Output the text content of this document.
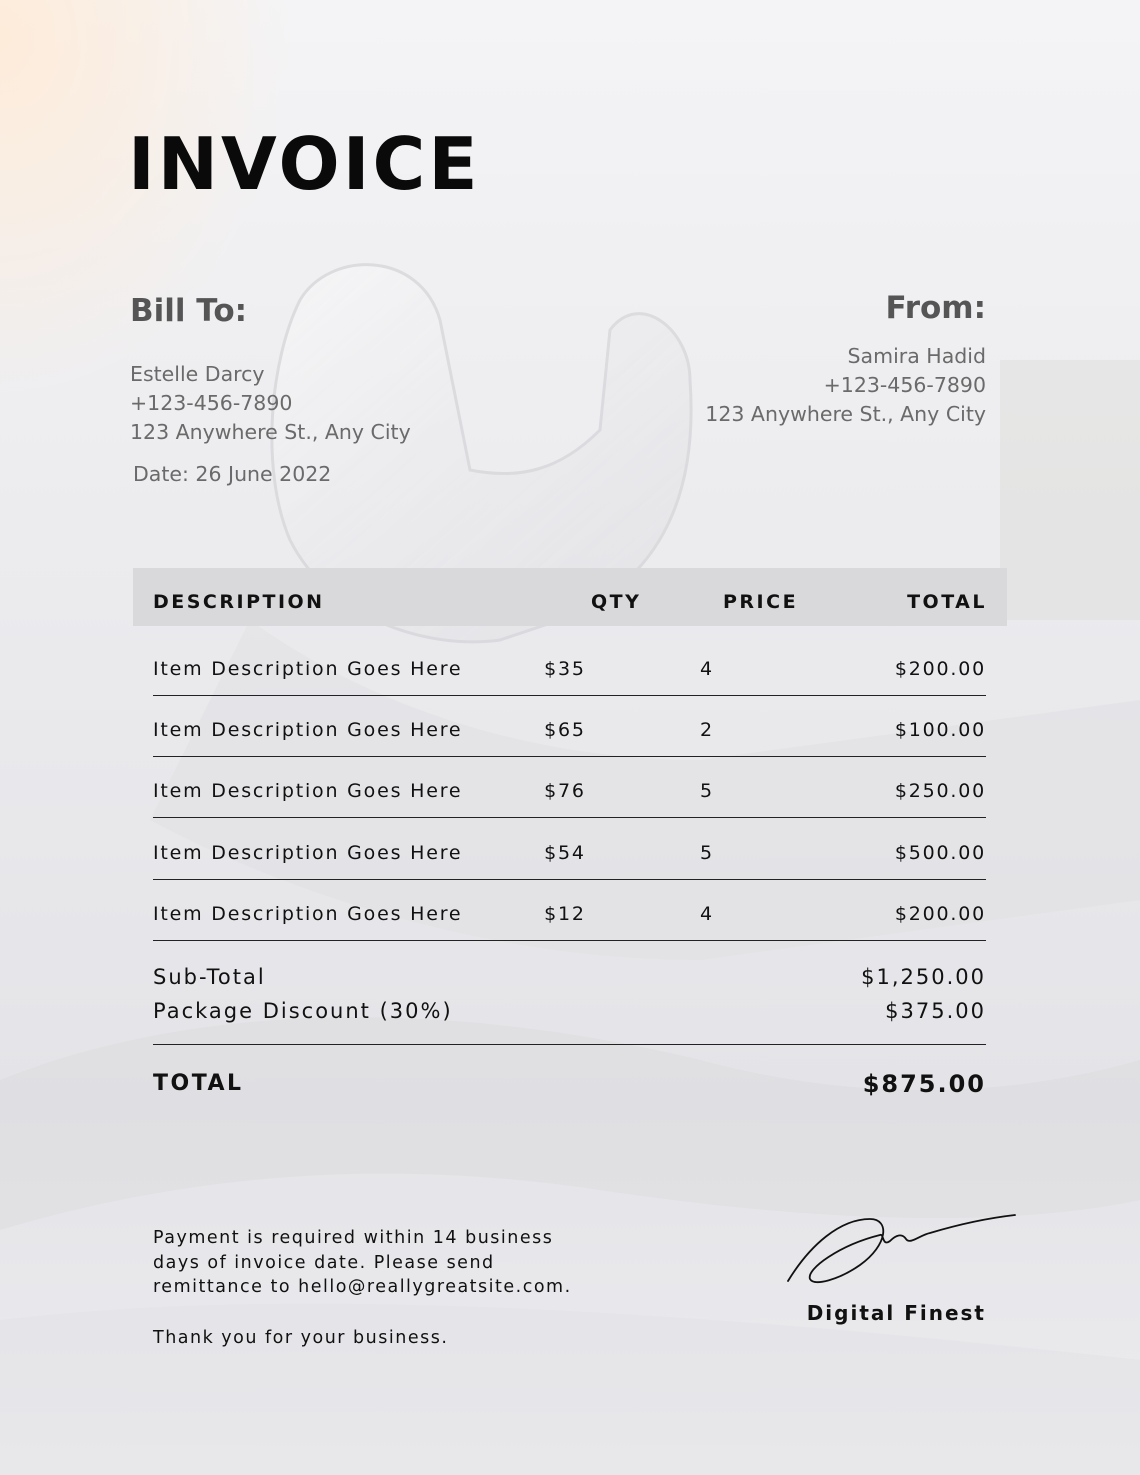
INVOICE
Bill To:
Estelle Darcy
+123-456-7890
123 Anywhere St., Any City
Date: 26 June 2022
From:
Samira Hadid
+123-456-7890
123 Anywhere St., Any City
DESCRIPTION	QTY	PRICE	TOTAL
Item Description Goes Here	$35	4	$200.00
Item Description Goes Here	$65	2	$100.00
Item Description Goes Here	$76	5	$250.00
Item Description Goes Here	$54	5	$500.00
Item Description Goes Here	$12	4	$200.00
Sub-Total	$1,250.00
Package Discount (30%)	$375.00
TOTAL	$875.00

Payment is required within 14 business days of invoice date. Please send remittance to hello@reallygreatsite.com.

Thank you for your business.

Digital Finest
